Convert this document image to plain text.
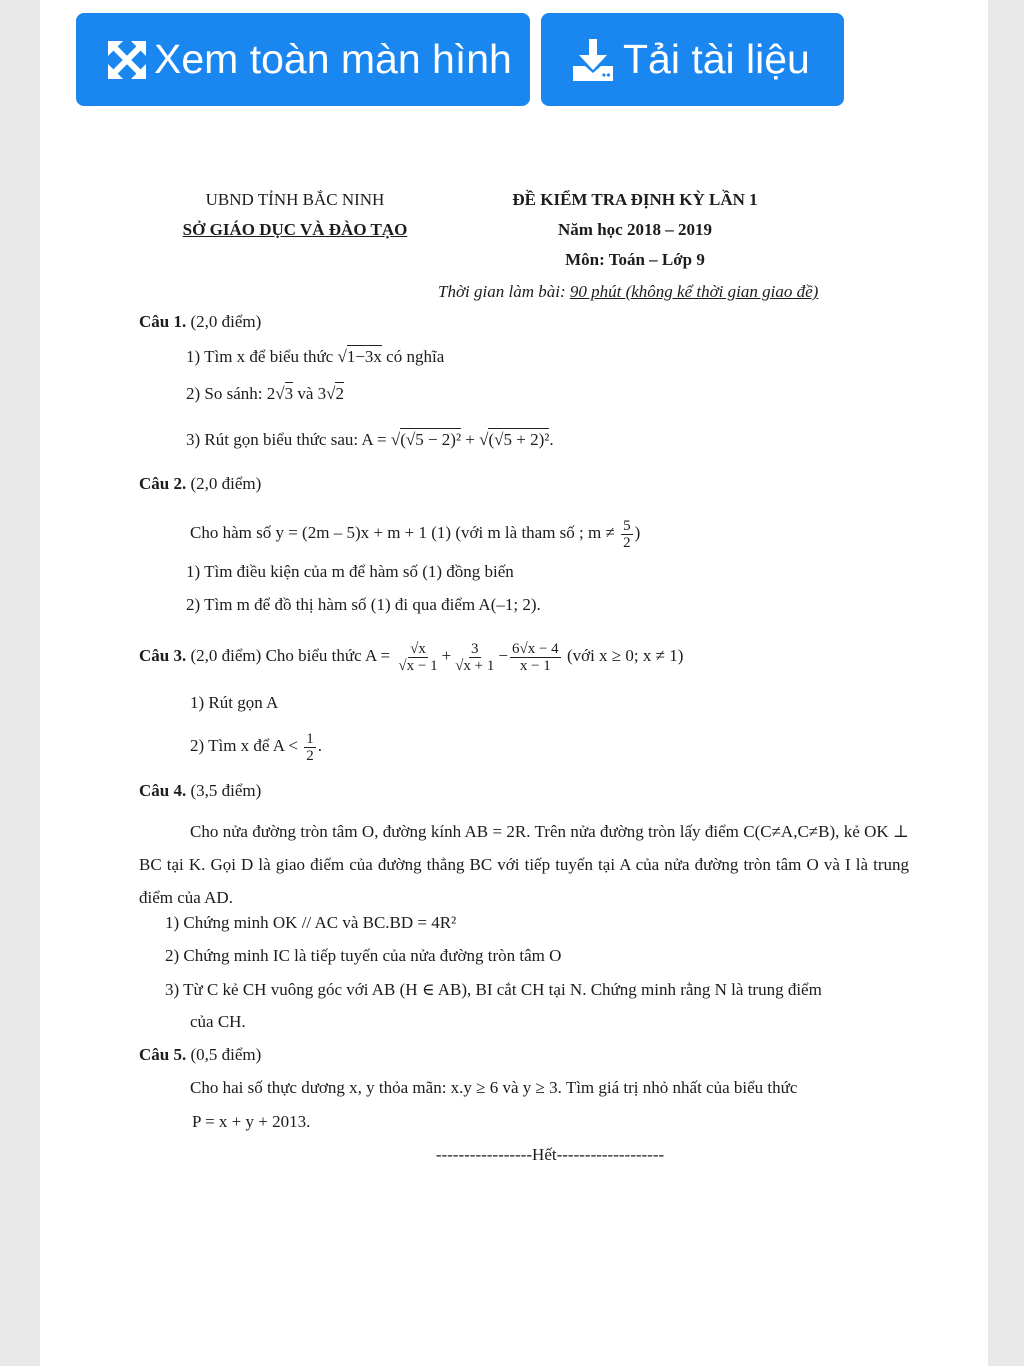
Xem toàn màn hình	Tải tài liệu
UBND TỈNH BẮC NINH
SỞ GIÁO DỤC VÀ ĐÀO TẠO
ĐỀ KIỂM TRA ĐỊNH KỲ LẦN 1
Năm học 2018 – 2019
Môn: Toán – Lớp 9
Thời gian làm bài: 90 phút (không kể thời gian giao đề)
Câu 1. (2,0 điểm)
1) Tìm x để biểu thức √1−3x có nghĩa
2) So sánh: 2√3 và 3√2
3) Rút gọn biểu thức sau: A = √(√5 − 2)² + √(√5 + 2)².
Câu 2. (2,0 điểm)
Cho hàm số y = (2m – 5)x + m + 1 (1) (với m là tham số ; $m \ne \frac{5}{2}$ )
1) Tìm điều kiện của m để hàm số (1) đồng biến
2) Tìm m để đồ thị hàm số (1) đi qua điểm A(–1; 2).
Câu 3. (2,0 điểm) Cho biểu thức $A = \frac{√x}{√x - 1} + \frac{3}{√x + 1} - \frac{6√x - 4}{x - 1}$ (với x ≥ 0; x ≠ 1)
1) Rút gọn A
2) Tìm x để $A < \frac{1}{2}$ .
Câu 4. (3,5 điểm)
Cho nửa đường tròn tâm O, đường kính AB = 2R. Trên nửa đường tròn lấy điểm C(C≠A,C≠B), kẻ OK ⊥ BC tại K. Gọi D là giao điểm của đường thẳng BC với tiếp tuyến tại A của nửa đường tròn tâm O và I là trung điểm của AD.
1) Chứng minh OK // AC và BC.BD = 4R²
2) Chứng minh IC là tiếp tuyến của nửa đường tròn tâm O
3) Từ C kẻ CH vuông góc với AB (H ∈ AB), BI cắt CH tại N. Chứng minh rằng N là trung điểm
của CH.
Câu 5. (0,5 điểm)
Cho hai số thực dương x, y thỏa mãn: x.y ≥ 6 và y ≥ 3. Tìm giá trị nhỏ nhất của biểu thức
P = x + y + 2013.
-----------------Hết-------------------
